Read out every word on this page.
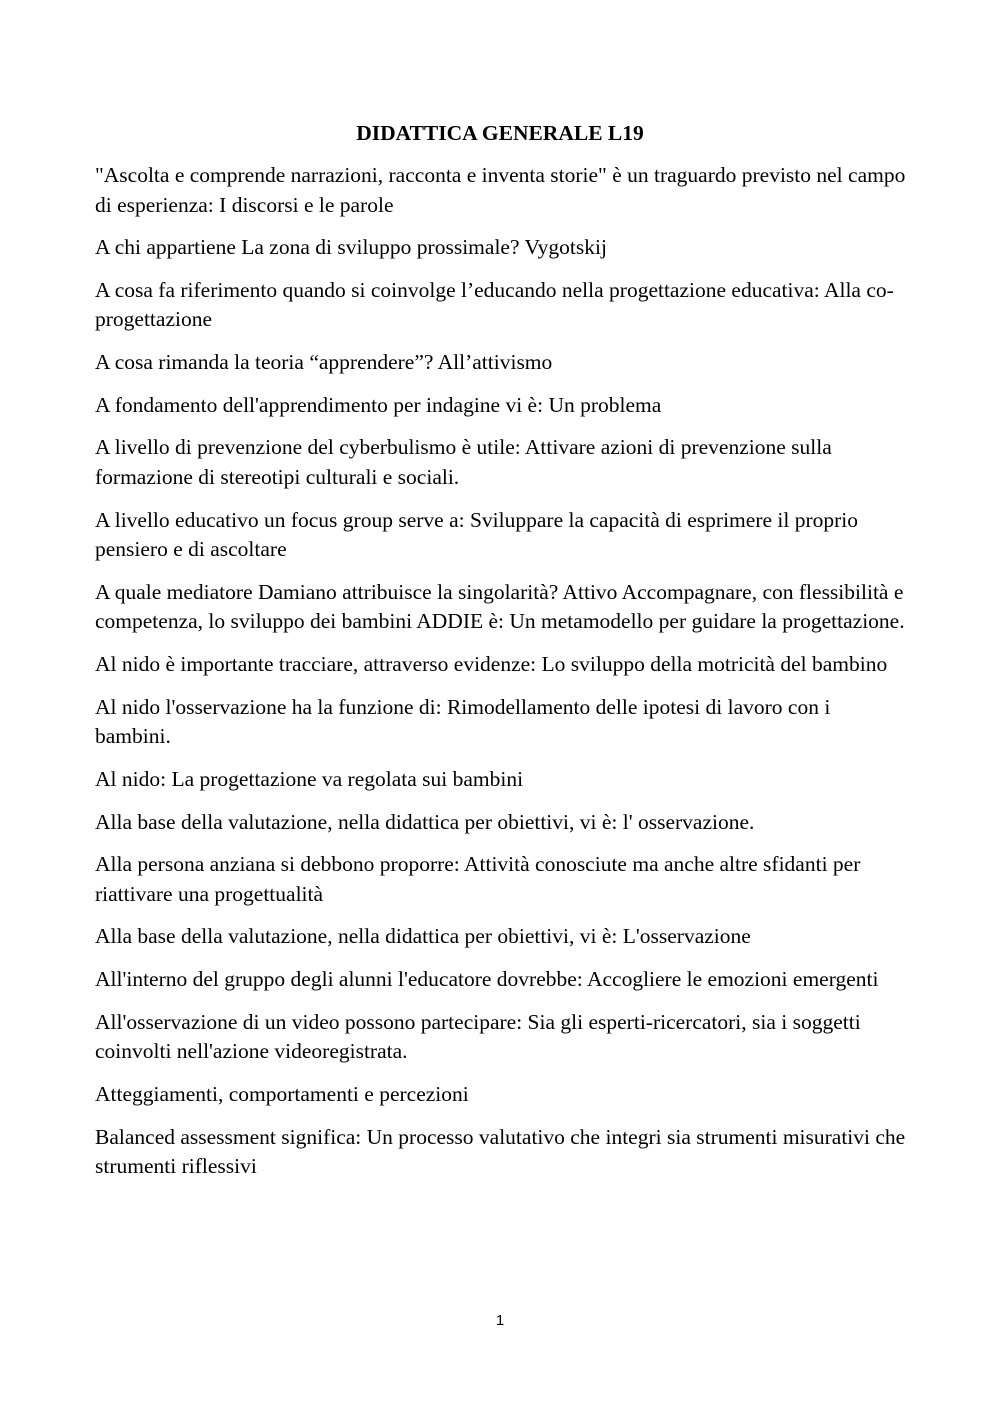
DIDATTICA GENERALE L19
"Ascolta e comprende narrazioni, racconta e inventa storie" è un traguardo previsto nel campo di esperienza: I discorsi e le parole
A chi appartiene La zona di sviluppo prossimale? Vygotskij
A cosa fa riferimento quando si coinvolge l’educando nella progettazione educativa: Alla co- progettazione
A cosa rimanda la teoria “apprendere”? All’attivismo
A fondamento dell'apprendimento per indagine vi è: Un problema
A livello di prevenzione del cyberbulismo è utile: Attivare azioni di prevenzione sulla formazione di stereotipi culturali e sociali.
A livello educativo un focus group serve a: Sviluppare la capacità di esprimere il proprio pensiero e di ascoltare
A quale mediatore Damiano attribuisce la singolarità? Attivo Accompagnare, con flessibilità e competenza, lo sviluppo dei bambini ADDIE è: Un metamodello per guidare la progettazione.
Al nido è importante tracciare, attraverso evidenze: Lo sviluppo della motricità del bambino
Al nido l'osservazione ha la funzione di: Rimodellamento delle ipotesi di lavoro con i bambini.
Al nido: La progettazione va regolata sui bambini
Alla base della valutazione, nella didattica per obiettivi, vi è: l' osservazione.
Alla persona anziana si debbono proporre: Attività conosciute ma anche altre sfidanti per riattivare una progettualità
Alla base della valutazione, nella didattica per obiettivi, vi è: L'osservazione
All'interno del gruppo degli alunni l'educatore dovrebbe: Accogliere le emozioni emergenti
All'osservazione di un video possono partecipare: Sia gli esperti-ricercatori, sia i soggetti coinvolti nell'azione videoregistrata.
Atteggiamenti, comportamenti e percezioni
Balanced assessment significa: Un processo valutativo che integri sia strumenti misurativi che strumenti riflessivi
1
